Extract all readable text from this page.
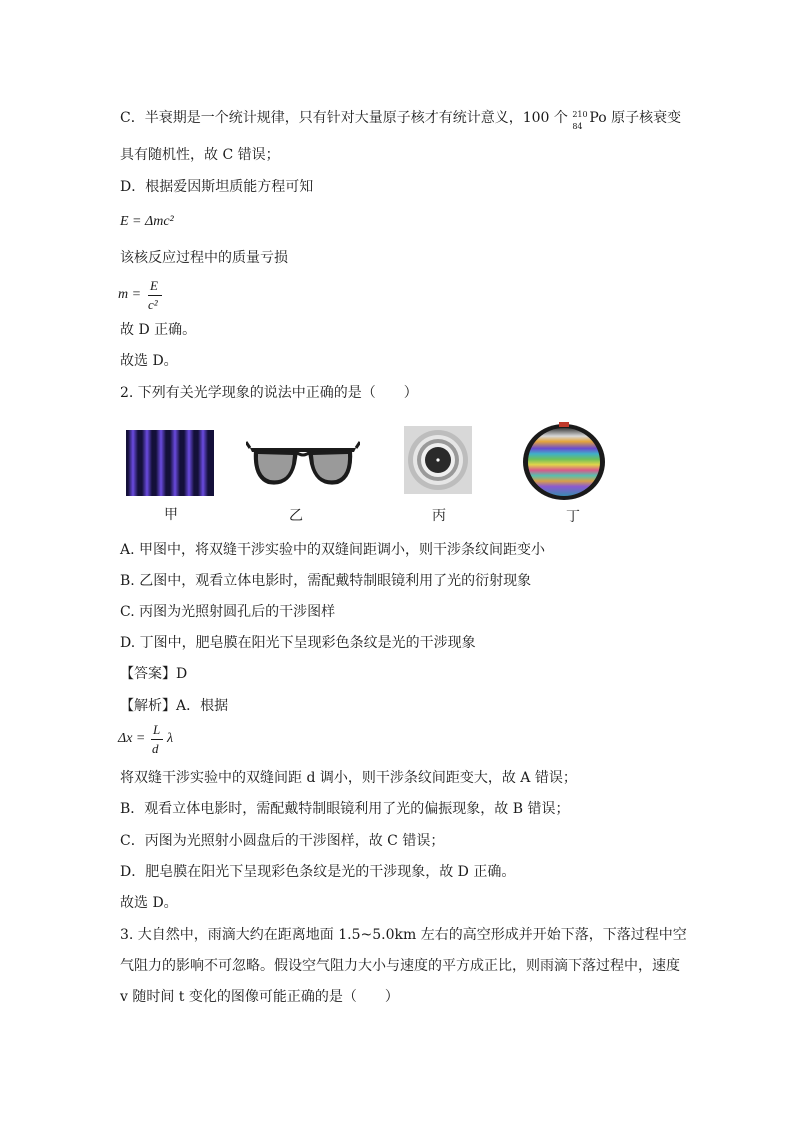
C．半衰期是一个统计规律，只有针对大量原子核才有统计意义，100 个 210
84
Po 原子核衰变
具有随机性，故 C 错误；
D．根据爱因斯坦质能方程可知
E = Δmc²
该核反应过程中的质量亏损
m =
E
c²
故 D 正确。
故选 D。
2. 下列有关光学现象的说法中正确的是（　　）
甲	乙	丙	丁
A. 甲图中，将双缝干涉实验中的双缝间距调小，则干涉条纹间距变小
B. 乙图中，观看立体电影时，需配戴特制眼镜利用了光的衍射现象
C. 丙图为光照射圆孔后的干涉图样
D. 丁图中，肥皂膜在阳光下呈现彩色条纹是光的干涉现象
【答案】D
【解析】A．根据
Δx =
L
d
λ
将双缝干涉实验中的双缝间距 d 调小，则干涉条纹间距变大，故 A 错误；
B．观看立体电影时，需配戴特制眼镜利用了光的偏振现象，故 B 错误；
C．丙图为光照射小圆盘后的干涉图样，故 C 错误；
D．肥皂膜在阳光下呈现彩色条纹是光的干涉现象，故 D 正确。
故选 D。
3. 大自然中，雨滴大约在距离地面 1.5~5.0km 左右的高空形成并开始下落，下落过程中空
气阻力的影响不可忽略。假设空气阻力大小与速度的平方成正比，则雨滴下落过程中，速度
v 随时间 t 变化的图像可能正确的是（　　）
